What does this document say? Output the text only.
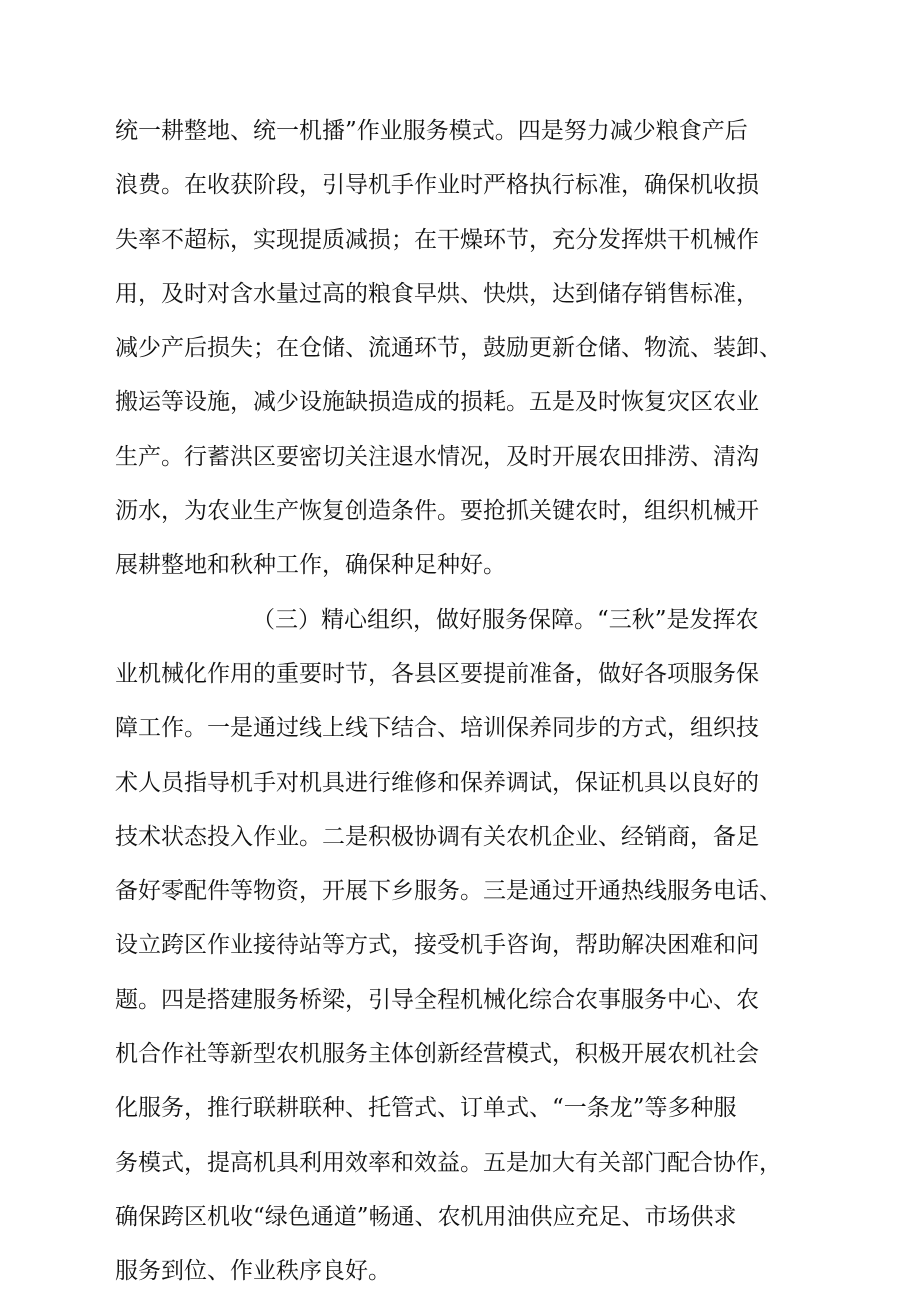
统一耕整地、统一机播”作业服务模式。四是努力减少粮食产后
浪费。在收获阶段，引导机手作业时严格执行标准，确保机收损
失率不超标，实现提质减损；在干燥环节，充分发挥烘干机械作
用，及时对含水量过高的粮食早烘、快烘，达到储存销售标准，
减少产后损失；在仓储、流通环节，鼓励更新仓储、物流、装卸、
搬运等设施，减少设施缺损造成的损耗。五是及时恢复灾区农业
生产。行蓄洪区要密切关注退水情况，及时开展农田排涝、清沟
沥水，为农业生产恢复创造条件。要抢抓关键农时，组织机械开
展耕整地和秋种工作，确保种足种好。

（三）精心组织，做好服务保障。“三秋”是发挥农
业机械化作用的重要时节，各县区要提前准备，做好各项服务保
障工作。一是通过线上线下结合、培训保养同步的方式，组织技
术人员指导机手对机具进行维修和保养调试，保证机具以良好的
技术状态投入作业。二是积极协调有关农机企业、经销商，备足
备好零配件等物资，开展下乡服务。三是通过开通热线服务电话、
设立跨区作业接待站等方式，接受机手咨询，帮助解决困难和问
题。四是搭建服务桥梁，引导全程机械化综合农事服务中心、农
机合作社等新型农机服务主体创新经营模式，积极开展农机社会
化服务，推行联耕联种、托管式、订单式、“一条龙”等多种服
务模式，提高机具利用效率和效益。五是加大有关部门配合协作，
确保跨区机收“绿色通道”畅通、农机用油供应充足、市场供求
服务到位、作业秩序良好。
